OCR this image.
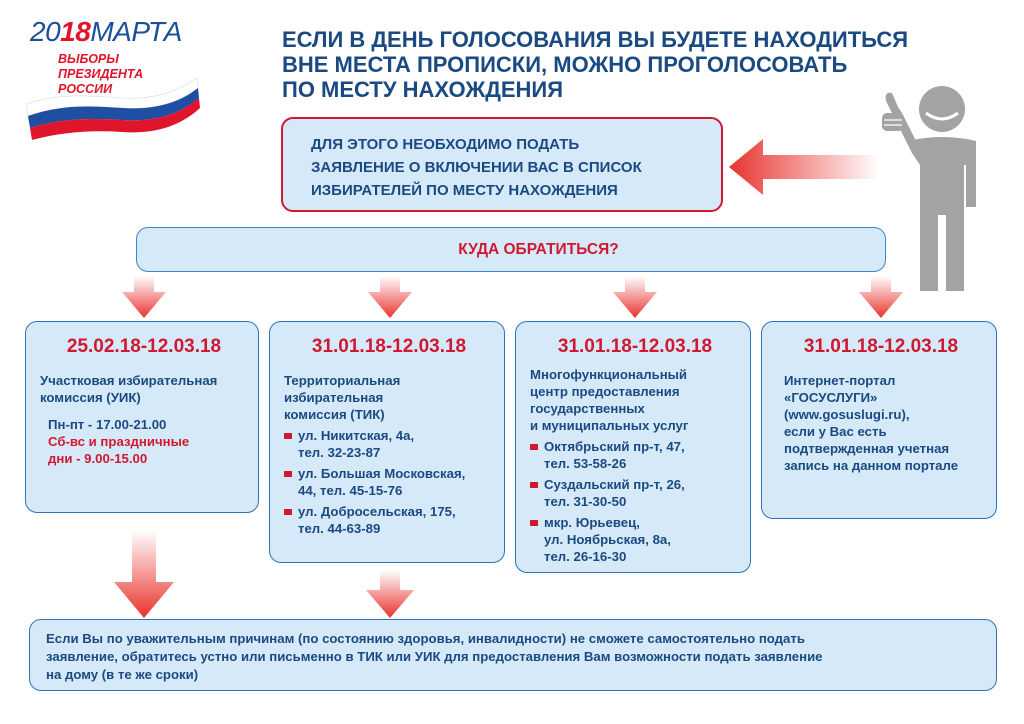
2018МАРТА
ВЫБОРЫ
ПРЕЗИДЕНТА
РОССИИ
ЕСЛИ В ДЕНЬ ГОЛОСОВАНИЯ ВЫ БУДЕТЕ НАХОДИТЬСЯ
ВНЕ МЕСТА ПРОПИСКИ, МОЖНО ПРОГОЛОСОВАТЬ
ПО МЕСТУ НАХОЖДЕНИЯ
ДЛЯ ЭТОГО НЕОБХОДИМО ПОДАТЬ
ЗАЯВЛЕНИЕ О ВКЛЮЧЕНИИ ВАС В СПИСОК
ИЗБИРАТЕЛЕЙ ПО МЕСТУ НАХОЖДЕНИЯ
КУДА ОБРАТИТЬСЯ?
25.02.18-12.03.18

Участковая избирательная

комиссия (УИК)

Пн-пт - 17.00-21.00

Сб-вс и праздничные

дни - 9.00-15.00

31.01.18-12.03.18

Территориальная

избирательная

комиссия (ТИК)

ул. Никитская, 4а,
тел. 32-23-87
ул. Большая Московская,
44, тел. 45-15-76
ул. Добросельская, 175,
тел. 44-63-89
31.01.18-12.03.18

Многофункциональный

центр предоставления

государственных

и муниципальных услуг

Октябрьский пр-т, 47,
тел. 53-58-26
Суздальский пр-т, 26,
тел. 31-30-50
мкр. Юрьевец,
ул. Ноябрьская, 8а,
тел. 26-16-30
31.01.18-12.03.18

Интернет-портал

«ГОСУСЛУГИ»

(www.gosuslugi.ru),

если у Вас есть

подтвержденная учетная

запись на данном портале

Если Вы по уважительным причинам (по состоянию здоровья, инвалидности) не сможете самостоятельно подать
заявление, обратитесь устно или письменно в ТИК или УИК для предоставления Вам возможности подать заявление
на дому (в те же сроки)
